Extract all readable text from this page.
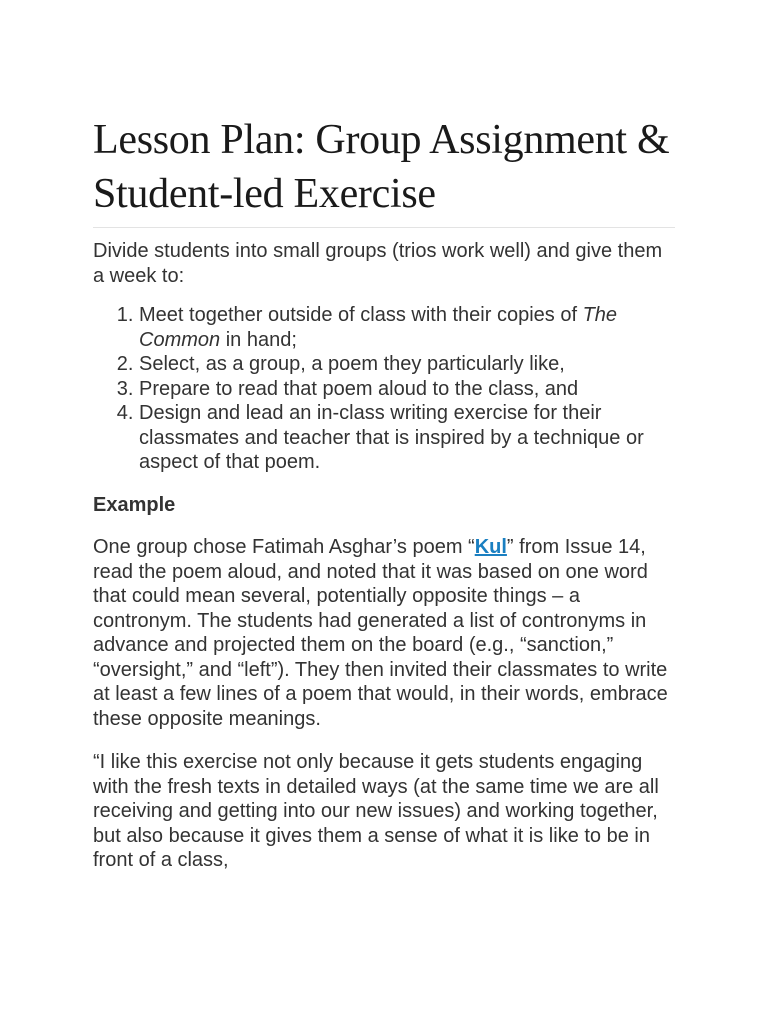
Lesson Plan: Group Assignment & Student-led Exercise

Divide students into small groups (trios work well) and give them a week to:

1. Meet together outside of class with their copies of The Common in hand;
2. Select, as a group, a poem they particularly like,
3. Prepare to read that poem aloud to the class, and
4. Design and lead an in-class writing exercise for their classmates and teacher that is inspired by a technique or aspect of that poem.
Example

One group chose Fatimah Asghar’s poem “Kul” from Issue 14, read the poem aloud, and noted that it was based on one word that could mean several, potentially opposite things – a contronym. The students had generated a list of contronyms in advance and projected them on the board (e.g., “sanction,” “oversight,” and “left”). They then invited their classmates to write at least a few lines of a poem that would, in their words, embrace these opposite meanings.

“I like this exercise not only because it gets students engaging with the fresh texts in detailed ways (at the same time we are all receiving and getting into our new issues) and working together, but also because it gives them a sense of what it is like to be in front of a class,
